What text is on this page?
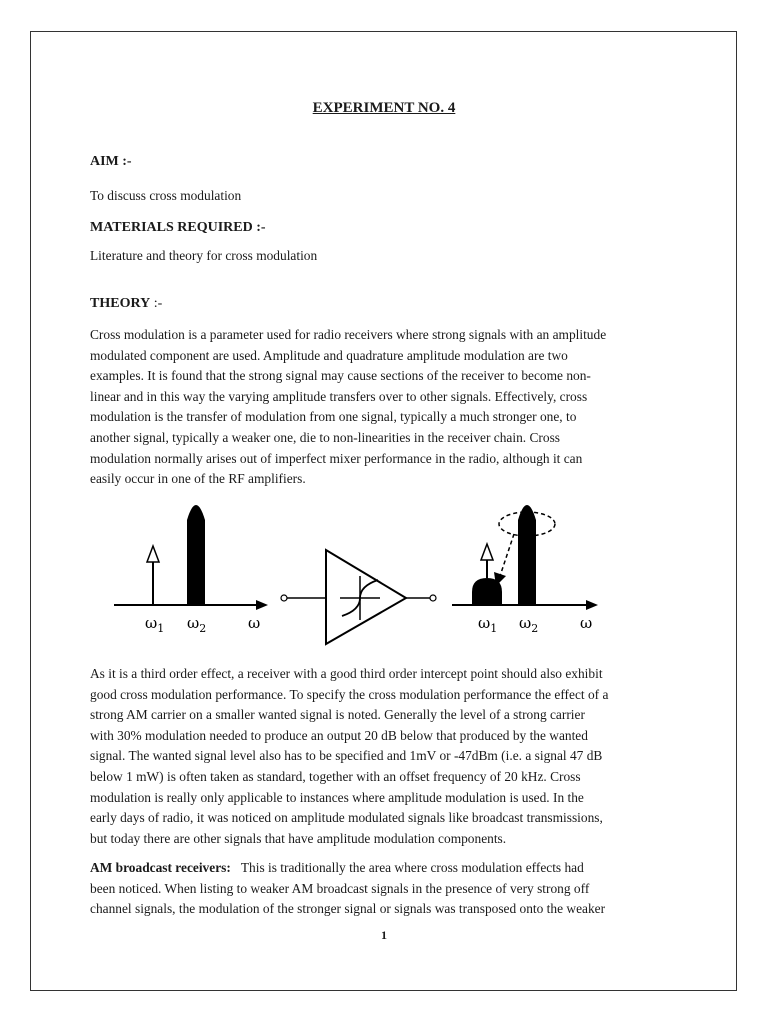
EXPERIMENT NO. 4
AIM :-
To discuss cross modulation
MATERIALS REQUIRED :-
Literature and theory for cross modulation
THEORY :-
Cross modulation is a parameter used for radio receivers where strong signals with an amplitude
modulated component are used. Amplitude and quadrature amplitude modulation are two
examples. It is found that the strong signal may cause sections of the receiver to become non-
linear and in this way the varying amplitude transfers over to other signals. Effectively, cross
modulation is the transfer of modulation from one signal, typically a much stronger one, to
another signal, typically a weaker one, die to non-linearities in the receiver chain. Cross
modulation normally arises out of imperfect mixer performance in the radio, although it can
easily occur in one of the RF amplifiers.
$\omega_1$ $\omega_2$	ω	$\omega_1$ $\omega_2$	ω
As it is a third order effect, a receiver with a good third order intercept point should also exhibit
good cross modulation performance. To specify the cross modulation performance the effect of a
strong AM carrier on a smaller wanted signal is noted. Generally the level of a strong carrier
with 30% modulation needed to produce an output 20 dB below that produced by the wanted
signal. The wanted signal level also has to be specified and 1mV or -47dBm (i.e. a signal 47 dB
below 1 mW) is often taken as standard, together with an offset frequency of 20 kHz. Cross
modulation is really only applicable to instances where amplitude modulation is used. In the
early days of radio, it was noticed on amplitude modulated signals like broadcast transmissions,
but today there are other signals that have amplitude modulation components.
AM broadcast receivers: This is traditionally the area where cross modulation effects had
been noticed. When listing to weaker AM broadcast signals in the presence of very strong off
channel signals, the modulation of the stronger signal or signals was transposed onto the weaker
1
